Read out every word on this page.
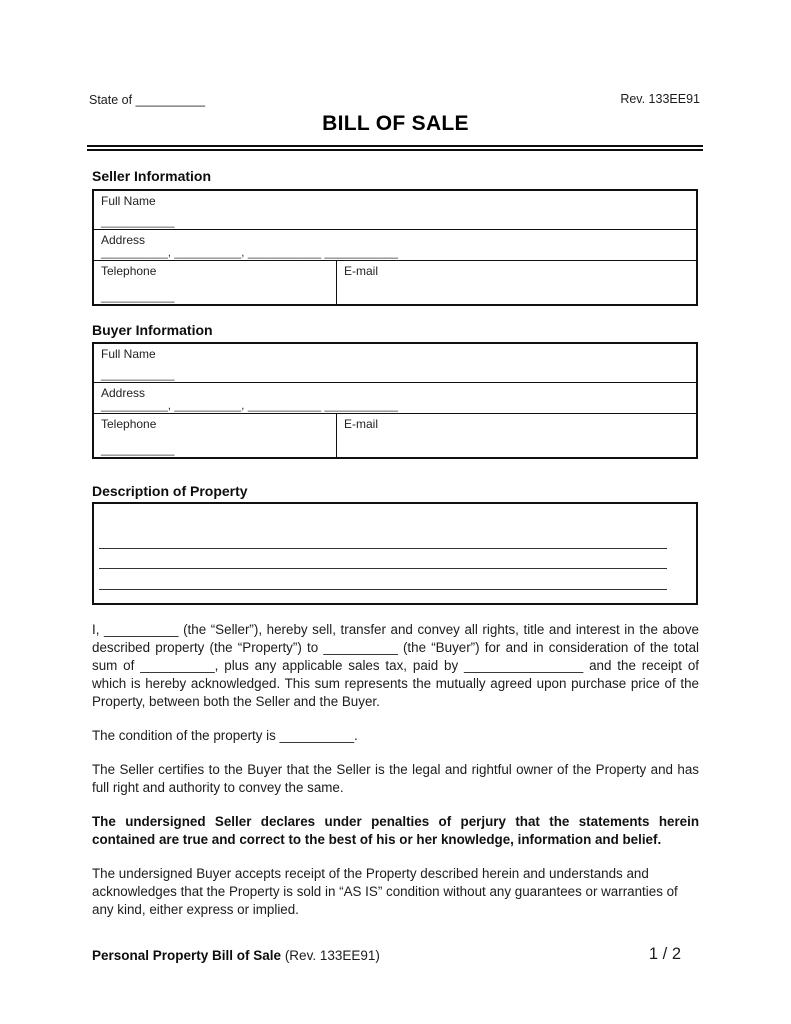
State of __________	Rev. 133EE91
BILL OF SALE
Seller Information
Full Name
___________
Address
__________, __________, ___________ ___________
Telephone
___________
E-mail
Buyer Information
Full Name
___________
Address
__________, __________, ___________ ___________
Telephone
___________
E-mail
Description of Property

I, __________ (the “Seller”), hereby sell, transfer and convey all rights, title and interest in the above described property (the “Property”) to __________ (the “Buyer”) for and in consideration of the total sum of __________, plus any applicable sales tax, paid by ________________ and the receipt of which is hereby acknowledged. This sum represents the mutually agreed upon purchase price of the Property, between both the Seller and the Buyer.

The condition of the property is __________.

The Seller certifies to the Buyer that the Seller is the legal and rightful owner of the Property and has full right and authority to convey the same.

The undersigned Seller declares under penalties of perjury that the statements herein contained are true and correct to the best of his or her knowledge, information and belief.

The undersigned Buyer accepts receipt of the Property described herein and understands and acknowledges that the Property is sold in “AS IS” condition without any guarantees or warranties of any kind, either express or implied.

Personal Property Bill of Sale (Rev. 133EE91)	1 / 2
